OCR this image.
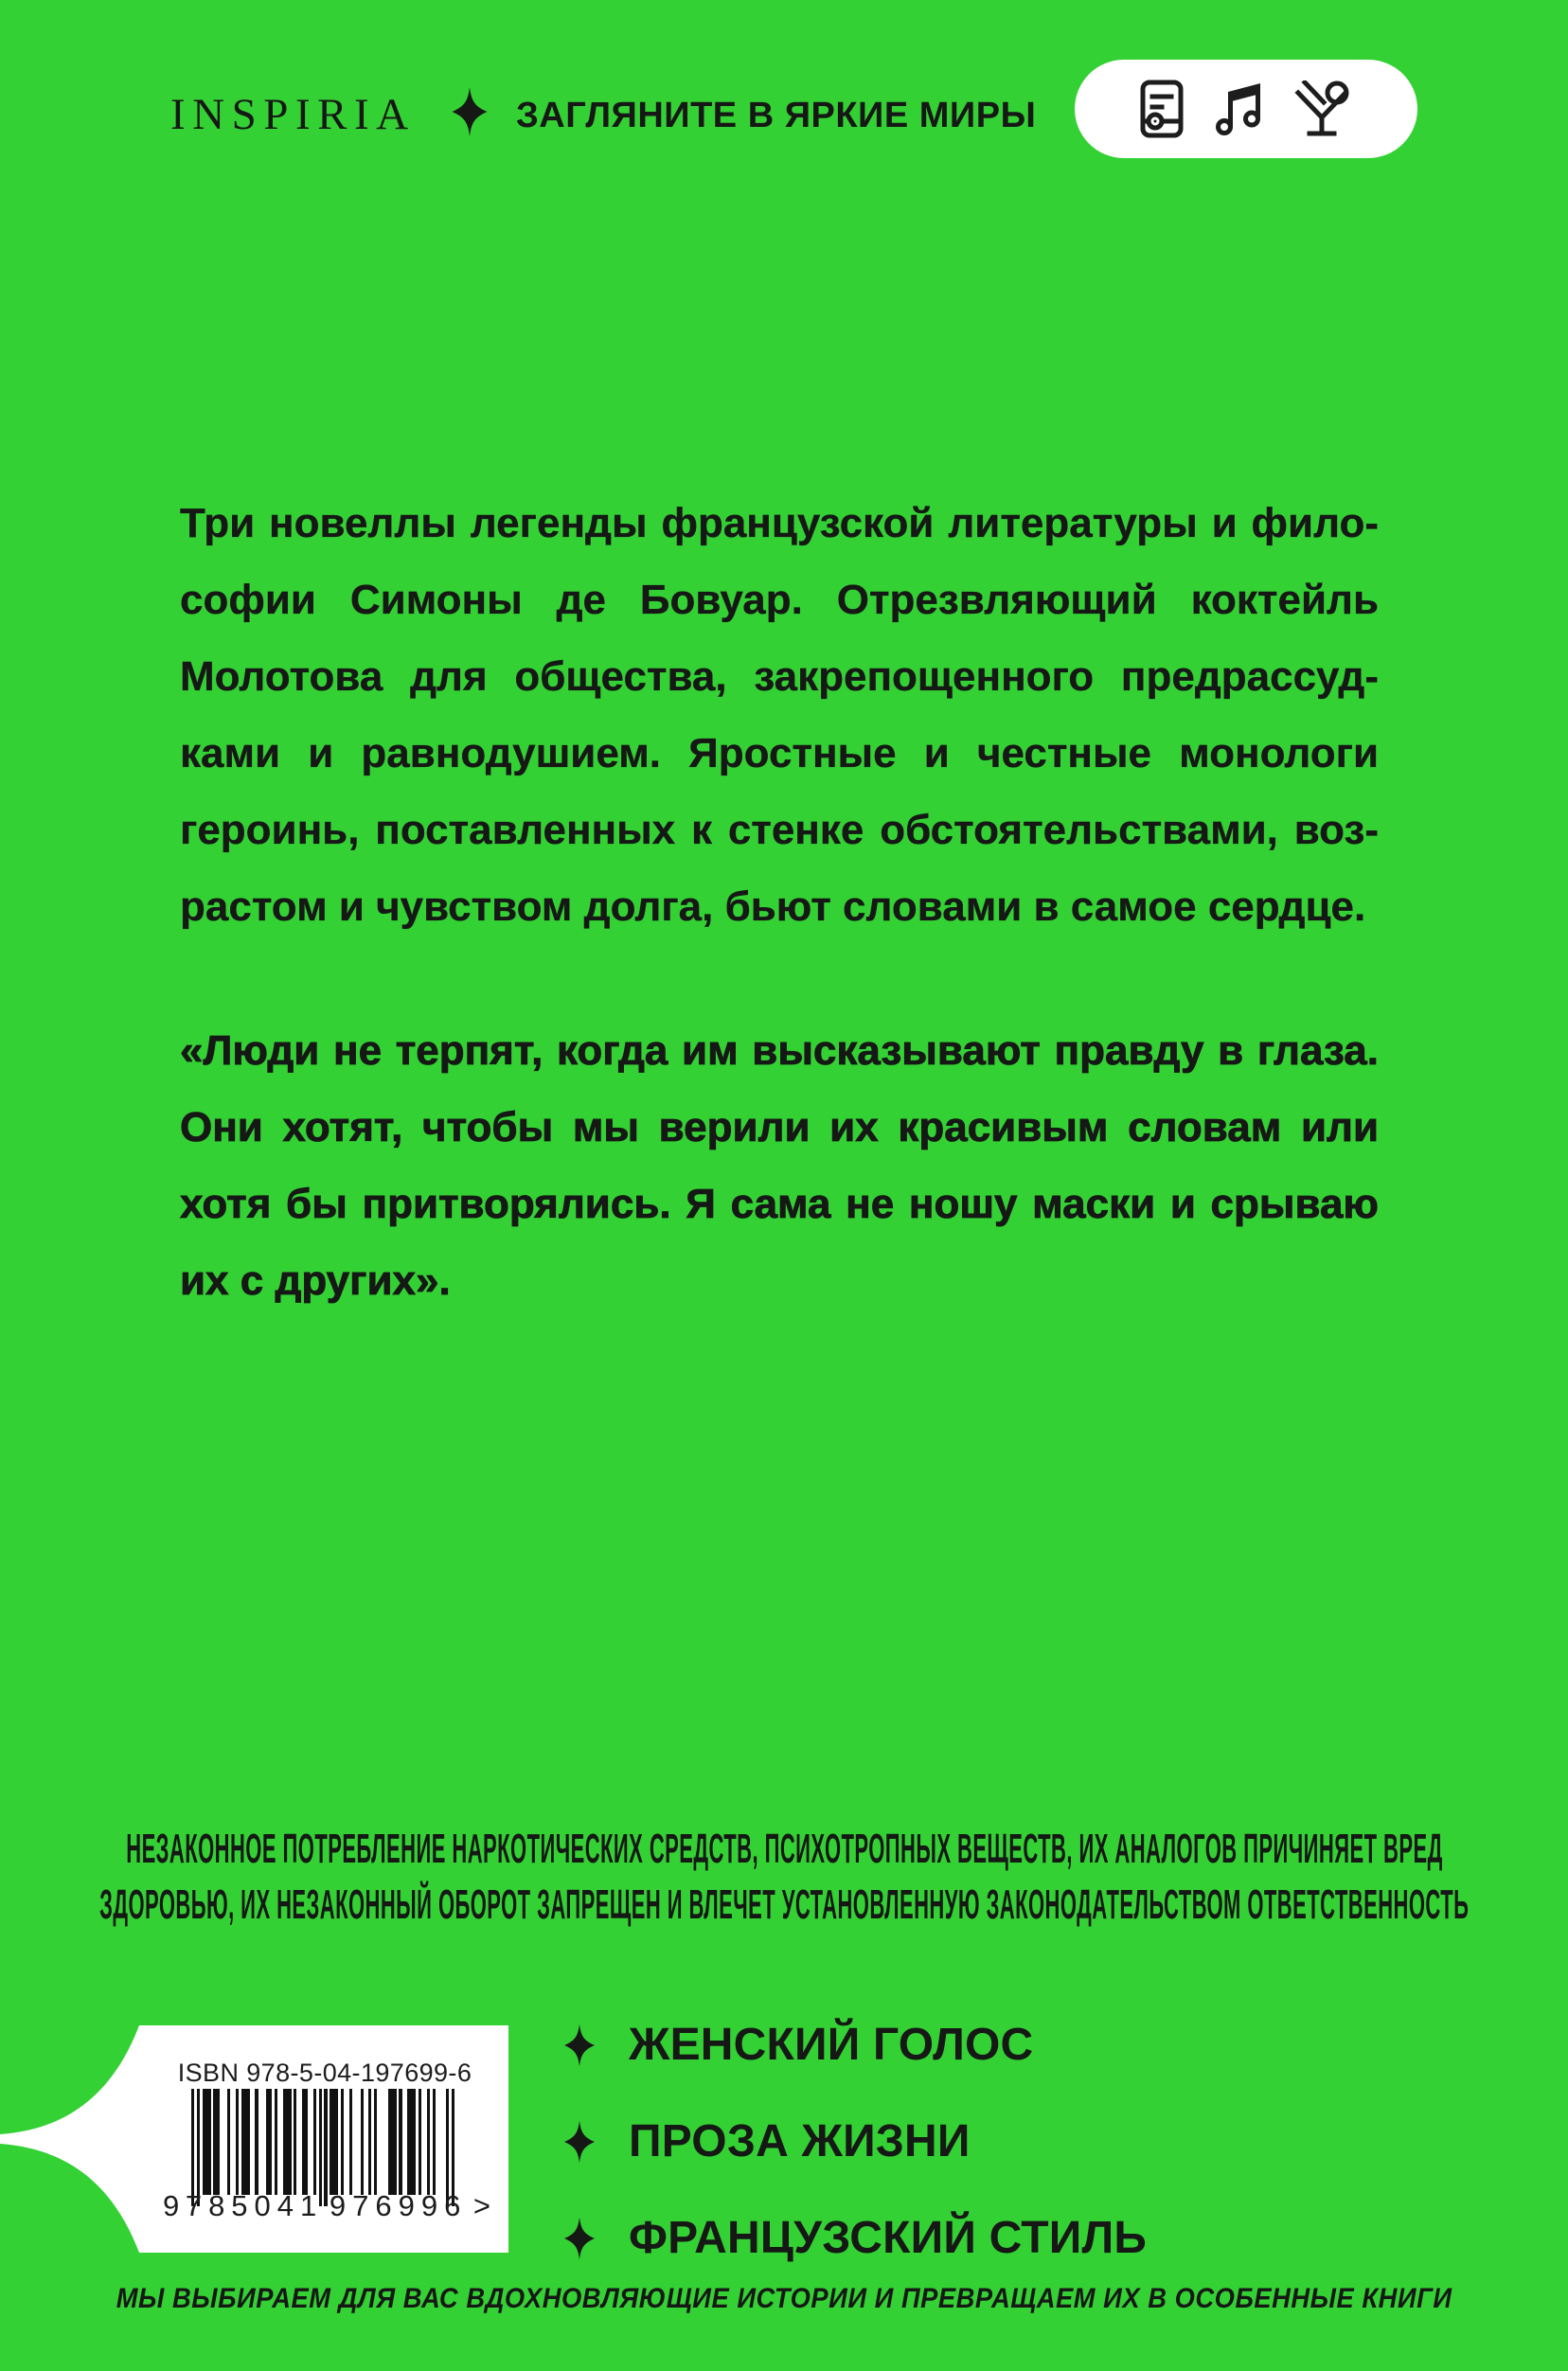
INSPIRIA	ЗАГЛЯНИТЕ В ЯРКИЕ МИРЫ
Три новеллы легенды французской литературы и фило-
софии Симоны де Бовуар. Отрезвляющий коктейль
Молотова для общества, закрепощенного предрассуд-
ками и равнодушием. Яростные и честные монологи
героинь, поставленных к стенке обстоятельствами, воз-
растом и чувством долга, бьют словами в самое сердце.
«Люди не терпят, когда им высказывают правду в глаза.
Они хотят, чтобы мы верили их красивым словам или
хотя бы притворялись. Я сама не ношу маски и срываю
их с других».
НЕЗАКОННОЕ ПОТРЕБЛЕНИЕ НАРКОТИЧЕСКИХ СРЕДСТВ, ПСИХОТРОПНЫХ ВЕЩЕСТВ, ИХ АНАЛОГОВ ПРИЧИНЯЕТ ВРЕД
ЗДОРОВЬЮ, ИХ НЕЗАКОННЫЙ ОБОРОТ ЗАПРЕЩЕН И ВЛЕЧЕТ УСТАНОВЛЕННУЮ ЗАКОНОДАТЕЛЬСТВОМ ОТВЕТСТВЕННОСТЬ
ISBN 978-5-04-197699-6
9 785041 976996 >
ЖЕНСКИЙ ГОЛОС
ПРОЗА ЖИЗНИ
ФРАНЦУЗСКИЙ СТИЛЬ
МЫ ВЫБИРАЕМ ДЛЯ ВАС ВДОХНОВЛЯЮЩИЕ ИСТОРИИ И ПРЕВРАЩАЕМ ИХ В ОСОБЕННЫЕ КНИГИ
